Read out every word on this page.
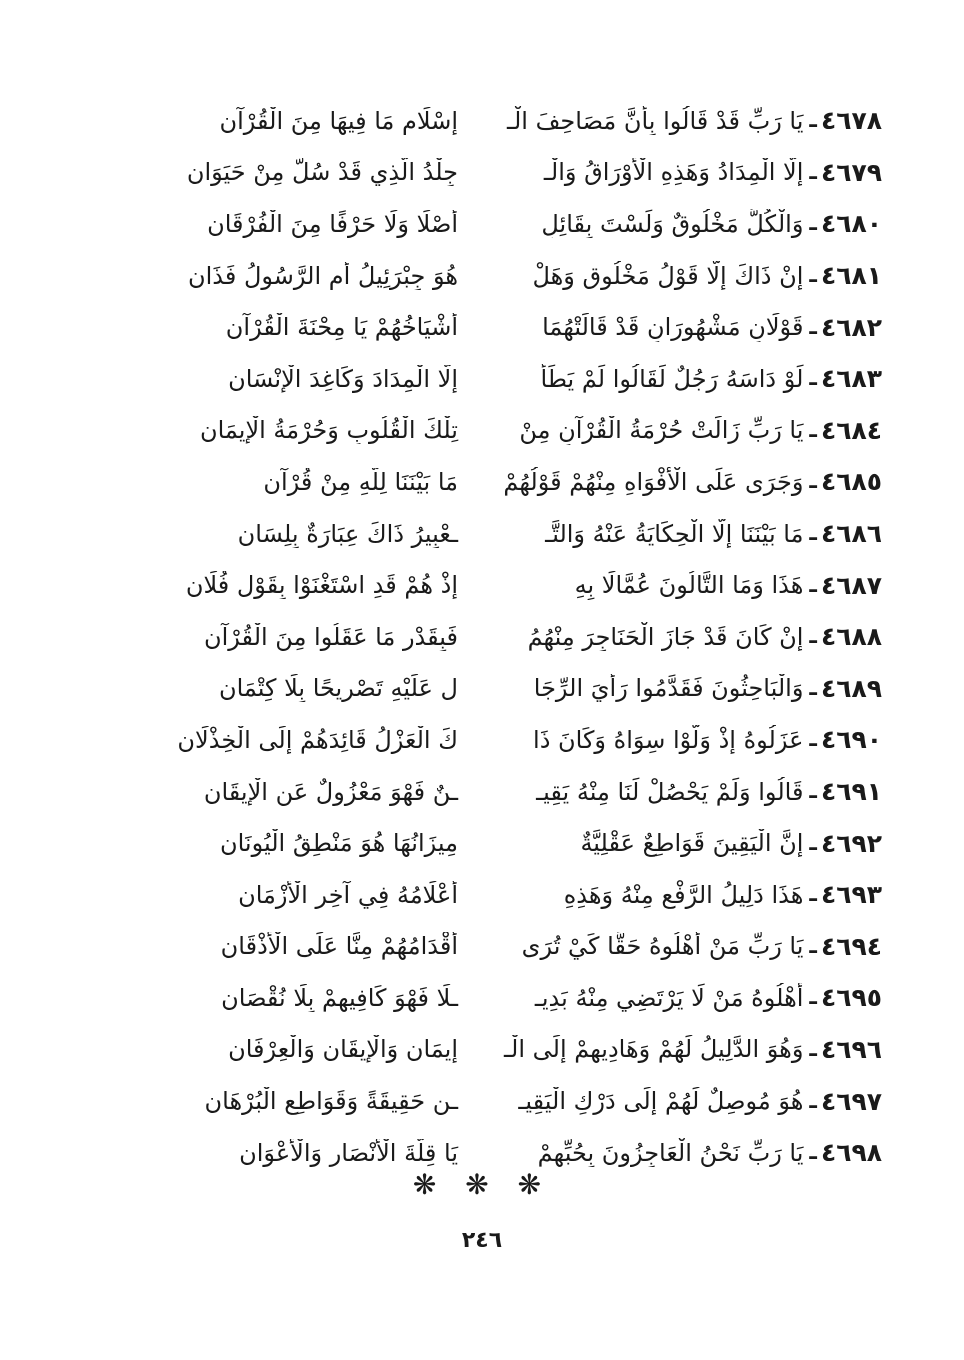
٤٦٧٨
ـ
يَا رَبِّ قَدْ قَالُوا بِأَنَّ مَصَاحِفَ الْـ
إِسْلَامِ مَا فِيهَا مِنَ الْقُرْآنِ
٤٦٧٩
ـ
إِلَّا الْمِدَادُ وَهَذِهِ الْأَوْرَاقُ وَالْـ
جِلْدُ الَّذِي قَدْ سُلَّ مِنْ حَيَوَانِ
٤٦٨٠
ـ
وَالْكُلُّ مَخْلُوقٌ وَلَسْتَ بِقَائِلٍ
أَصْلًا وَلَا حَرْفًا مِنَ الْفُرْقَانِ
٤٦٨١
ـ
إِنْ ذَاكَ إِلَّا قَوْلُ مَخْلُوقٍ وَهَلْ
هُوَ جِبْرَئِيلُ أَمِ الرَّسُولُ فَذَانِ
٤٦٨٢
ـ
قَوْلَانِ مَشْهُورَانِ قَدْ قَالَتْهُمَا
أَشْيَاخُهُمْ يَا مِحْنَةَ الْقُرْآنِ
٤٦٨٣
ـ
لَوْ دَاسَهُ رَجُلٌ لَقَالُوا لَمْ يَطَأْ
إِلَّا الْمِدَادَ وَكَاغِدَ الْإِنْسَانِ
٤٦٨٤
ـ
يَا رَبِّ زَالَتْ حُرْمَةُ الْقُرْآنِ مِنْ
تِلْكَ الْقُلُوبِ وَحُرْمَةُ الْإِيمَانِ
٤٦٨٥
ـ
وَجَرَى عَلَى الْأَفْوَاهِ مِنْهُمْ قَوْلُهُمْ
مَا بَيْنَنَا لِلَّهِ مِنْ قُرْآنِ
٤٦٨٦
ـ
مَا بَيْنَنَا إِلَّا الْحِكَايَةُ عَنْهُ وَالتَّـ
ـعْبِيرُ ذَاكَ عِبَارَةٌ بِلِسَانِ
٤٦٨٧
ـ
هَذَا وَمَا التَّالُونَ عُمَّالًا بِهِ
إِذْ هُمْ قَدِ اسْتَغْنَوْا بِقَوْلِ فُلَانِ
٤٦٨٨
ـ
إِنْ كَانَ قَدْ جَازَ الْحَنَاجِرَ مِنْهُمُ
فَبِقَدْرِ مَا عَقَلُوا مِنَ الْقُرْآنِ
٤٦٨٩
ـ
وَالْبَاحِثُونَ فَقَدَّمُوا رَأْيَ الرِّجَا
لِ عَلَيْهِ تَصْرِيحًا بِلَا كِتْمَانِ
٤٦٩٠
ـ
عَزَلُوهُ إِذْ وَلَّوْا سِوَاهُ وَكَانَ ذَا
كَ الْعَزْلُ قَائِدَهُمْ إِلَى الْخِذْلَانِ
٤٦٩١
ـ
قَالُوا وَلَمْ يَحْصُلْ لَنَا مِنْهُ يَقِيـ
ـنٌ فَهْوَ مَعْزُولٌ عَنِ الْإِيقَانِ
٤٦٩٢
ـ
إِنَّ الْيَقِينَ قَوَاطِعٌ عَقْلِيَّةٌ
مِيزَانُهَا هُوَ مَنْطِقُ الْيُونَانِ
٤٦٩٣
ـ
هَذَا دَلِيلُ الرَّفْعِ مِنْهُ وَهَذِهِ
أَعْلَامُهُ فِي آخِرِ الْأَزْمَانِ
٤٦٩٤
ـ
يَا رَبِّ مَنْ أَهْلُوهُ حَقًّا كَيْ تُرَى
أَقْدَامُهُمْ مِنَّا عَلَى الْأَذْقَانِ
٤٦٩٥
ـ
أَهْلُوهُ مَنْ لَا يَرْتَضِي مِنْهُ بَدِيـ
ـلًا فَهْوَ كَافِيهِمْ بِلَا نُقْصَانِ
٤٦٩٦
ـ
وَهُوَ الدَّلِيلُ لَهُمْ وَهَادِيهِمْ إِلَى الْـ
إِيمَانِ وَالْإِيقَانِ وَالْعِرْفَانِ
٤٦٩٧
ـ
هُوَ مُوصِلٌ لَهُمْ إِلَى دَرْكِ الْيَقِيـ
ـنِ حَقِيقَةً وَقَوَاطِعِ الْبُرْهَانِ
٤٦٩٨
ـ
يَا رَبِّ نَحْنُ الْعَاجِزُونَ بِحُبِّهِمْ
يَا قِلَّةَ الْأَنْصَارِ وَالْأَعْوَانِ
❋ ❋ ❋
٢٤٦
